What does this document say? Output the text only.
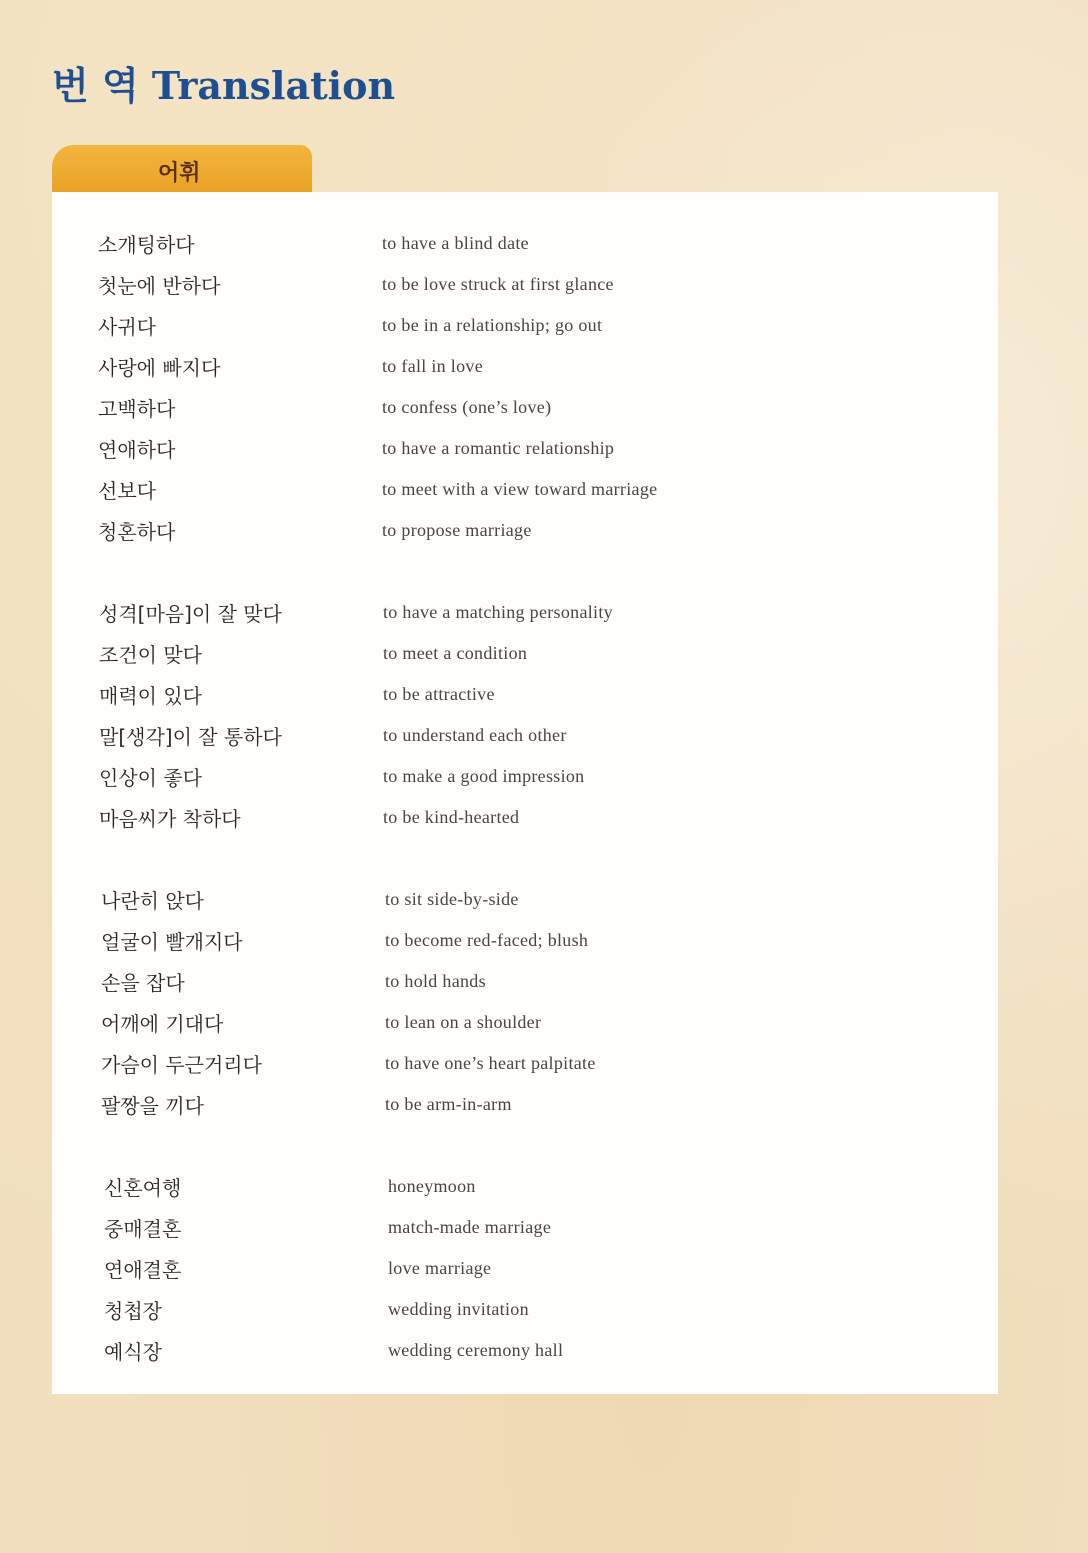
번 역 Translation
어휘
소개팅하다	to have a blind date
첫눈에 반하다	to be love struck at first glance
사귀다	to be in a relationship; go out
사랑에 빠지다	to fall in love
고백하다	to confess (one’s love)
연애하다	to have a romantic relationship
선보다	to meet with a view toward marriage
청혼하다	to propose marriage
성격[마음]이 잘 맞다	to have a matching personality
조건이 맞다	to meet a condition
매력이 있다	to be attractive
말[생각]이 잘 통하다	to understand each other
인상이 좋다	to make a good impression
마음씨가 착하다	to be kind-hearted
나란히 앉다	to sit side-by-side
얼굴이 빨개지다	to become red-faced; blush
손을 잡다	to hold hands
어깨에 기대다	to lean on a shoulder
가슴이 두근거리다	to have one’s heart palpitate
팔짱을 끼다	to be arm-in-arm
신혼여행	honeymoon
중매결혼	match-made marriage
연애결혼	love marriage
청첩장	wedding invitation
예식장	wedding ceremony hall
